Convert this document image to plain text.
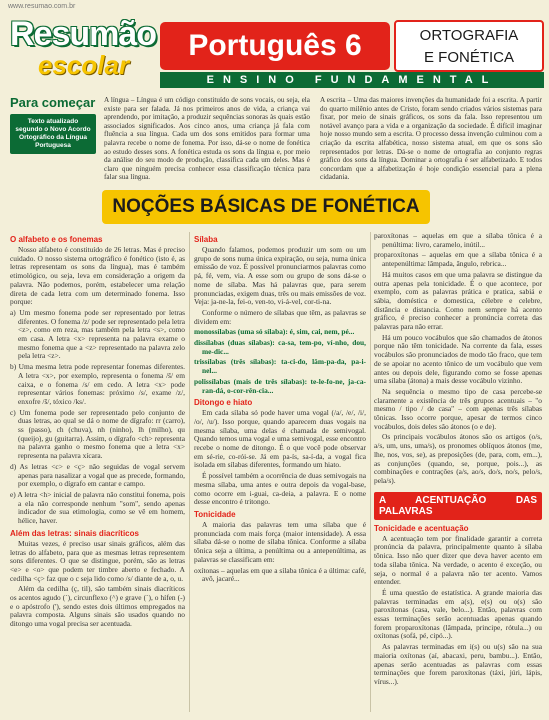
www.resumao.com.br
Resumão
escolar
Português 6	ORTOGRAFIA
E FONÉTICA
ENSINO FUNDAMENTAL
Para começar
Texto atualizado segundo o Novo Acordo Ortográfico da Língua Portuguesa
A língua – Língua é um código constituído de sons vocais, ou seja, ela existe para ser falada. Já nos primeiros anos de vida, a criança vai aprendendo, por imitação, a produzir sequências sonoras às quais estão associados significados. Aos cinco anos, uma criança já fala com fluência a sua língua. Cada um dos sons emitidos para formar uma palavra recebe o nome de fonema. Por isso, dá-se o nome de fonética ao estudo desses sons. A fonética estuda os sons da língua e, por meio da análise do seu modo de produção, classifica cada um deles. Mas é claro que ninguém precisa conhecer essa classificação técnica para falar sua língua.
A escrita – Uma das maiores invenções da humanidade foi a escrita. A partir do quarto milênio antes de Cristo, foram sendo criados vários sistemas para fixar, por meio de sinais gráficos, os sons da fala. Isso representou um notável avanço para a vida e a organização da sociedade. É difícil imaginar hoje nosso mundo sem a escrita. O processo dessa invenção culminou com a criação da escrita alfabética, nosso sistema atual, em que os sons são representados por letras. Dá-se o nome de ortografia ao conjunto regras gráfico dos sons da língua. Dominar a ortografia é ser alfabetizado. E todos concordam que a alfabetização é hoje condição essencial para a plena cidadania.
NOÇÕES BÁSICAS DE FONÉTICA
O alfabeto e os fonemas

Nosso alfabeto é constituído de 26 letras. Mas é preciso cuidado. O nosso sistema ortográfico é fonético (isto é, as letras representam os sons da língua), mas é também etimológico, ou seja, leva em consideração a origem da palavra. Não podemos, porém, estabelecer uma relação direta de cada letra com um determinado fonema. Isso porque:

a) Um mesmo fonema pode ser representado por letras diferentes. O fonema /z/ pode ser representado pela letra <z>, como em reza, mas também pela letra <s>, como em casa. A letra <x> representa na palavra exame o mesmo fonema que a <z> representado na palavra zelo pela letra <z>.
b) Uma mesma letra pode representar fonemas diferentes. A letra <x>, por exemplo, representa o fonema /š/ em caixa, e o fonema /s/ em cedo. A letra <x> pode representar vários fonemas: próximo /s/, exame /z/, enxofre /š/, tóxico /ks/.
c) Um fonema pode ser representado pelo conjunto de duas letras, ao qual se dá o nome de dígrafo: rr (carro), ss (passo), ch (chuva), nh (ninho), lh (milho), qu (queijo), gu (guitarra). Assim, o dígrafo <ch> representa na palavra ganho o mesmo fonema que a letra <x> representa na palavra xícara.
d) As letras <c> e <ç> não seguidas de vogal servem apenas para nasalizar a vogal que as precede, formando, por exemplo, o dígrafo em cantar e campo.
e) A letra <h> inicial de palavra não constitui fonema, pois a ela não corresponde nenhum "som", sendo apenas indicador de sua etimologia, como se vê em homem, hélice, haver.
Além das letras: sinais diacríticos

Muitas vezes, é preciso usar sinais gráficos, além das letras do alfabeto, para que as mesmas letras representem sons diferentes. O que se distingue, porém, são as letras <e> e <o> que podem ter timbre aberto e fechado. A cedilha <ç> faz que o c seja lido como /s/ diante de a, o, u.

Além da cedilha (ç, til), são também sinais diacríticos os acentos agudo (´), circunflexo (^) e grave (`), o hífen (-) e o apóstrofo ('), sendo estes dois últimos empregados na palavra composta. Alguns sinais são usados quando no ditongo uma vogal precisa ser acentuada.

Sílaba

Quando falamos, podemos produzir um som ou um grupo de sons numa única expiração, ou seja, numa única emissão de voz. É possível pronunciarmos palavras como pá, fé, vem, via. A esse som ou grupo de sons dá-se o nome de sílaba. Mas há palavras que, para serem pronunciadas, exigem duas, três ou mais emissões de voz. Veja: ja-ne-la, fei-o, ven-to, vi-á-vel, cor-ti-na.

Conforme o número de sílabas que têm, as palavras se dividem em:

monossílabas (uma só sílaba): é, sim, cai, nem, pé...
dissílabas (duas sílabas): ca-sa, tem-po, ví-nho, dou, me-dic...
trissílabas (três sílabas): ta-ci-do, lâm-pa-da, pa-i-nel...
polissílabas (mais de três sílabas): te-le-fo-ne, ja-ca-ran-dá, o-cor-rên-cia...
Ditongo e hiato

Em cada sílaba só pode haver uma vogal (/a/, /e/, /i/, /o/, /u/). Isso porque, quando aparecem duas vogais na mesma sílaba, uma delas é chamada de semivogal. Quando temos uma vogal e uma semivogal, esse encontro recebe o nome de ditongo. É o que você pode observar em sé-rie, co-rói-se. Já em pa-ís, sa-í-da, a vogal fica isolada em sílabas diferentes, formando um hiato.

É possível também a ocorrência de duas semivogais na mesma sílaba, uma antes e outra depois da vogal-base, como ocorre em i-guai, ca-deia, a palavra. E o nome desse encontro é tritongo.

Tonicidade

A maioria das palavras tem uma sílaba que é pronunciada com mais força (maior intensidade). A essa sílaba dá-se o nome de sílaba tônica. Conforme a sílaba tônica seja a última, a penúltima ou a antepenúltima, as palavras se classificam em:

oxítonas – aquelas em que a sílaba tônica é a última: café, avô, jacaré...
paroxítonas – aquelas em que a sílaba tônica é a penúltima: livro, caramelo, inútil...
proparoxítonas – aquelas em que a sílaba tônica é a antepenúltima: lâmpada, ângulo, rebrica...

Há muitos casos em que uma palavra se distingue da outra apenas pela tonicidade. É o que acontece, por exemplo, com as palavras prática e pratica, sabiá e sábia, doméstica e domestica, célebre e celebre, distância e distancia. Como nem sempre há acento gráfico, é preciso conhecer a pronúncia correta das palavras para não errar.

Há um pouco vocábulos que são chamados de átonos porque não têm tonicidade. Na corrente da fala, esses vocábulos são pronunciados de modo tão fraco, que tem de se apoiar no acento tônico de um vocábulo que vem antes ou depois dele, figurando como se fosse apenas uma sílaba (átona) a mais desse vocábulo vizinho.

Na sequência o mesmo tipo de casa percebe-se claramente a existência de três grupos acentuais – "o mesmo / tipo / de casa" – com apenas três sílabas tônicas. Isso ocorre porque, apesar de termos cinco vocábulos, dois deles são átonos (o e de).

Os principais vocábulos átonos são os artigos (o/s, a/s, um, uns, uma/s), os pronomes oblíquos átonos (me, lhe, nos, vos, se), as preposições (de, para, com, em...), as conjunções (quando, se, porque, pois...), as combinações e contrações (a/s, ao/s, do/s, no/s, pelo/s, pela/s).

A ACENTUAÇÃO DAS PALAVRAS
Tonicidade e acentuação

A acentuação tem por finalidade garantir a correta pronúncia da palavra, principalmente quanto à sílaba tônica. Isso não quer dizer que deva haver acento em toda sílaba tônica. Na verdade, o acento é exceção, ou seja, o normal é a palavra não ter acento. Vamos entender.

É uma questão de estatística. A grande maioria das palavras terminadas em a(s), e(s) ou o(s) são paroxítonas (casa, vale, belo...). Então, palavras com essas terminações serão acentuadas apenas quando forem proparoxítonas (lâmpada, principe, rótula...) ou oxítonas (sofá, pé, cipó...).

As palavras terminadas em i(s) ou u(s) são na sua maioria oxítonas (aí, abacaxi, peru, bambu...). Então, apenas serão acentuadas as palavras com essas terminações que forem paroxítonas (táxi, júri, lápis, vírus...).
